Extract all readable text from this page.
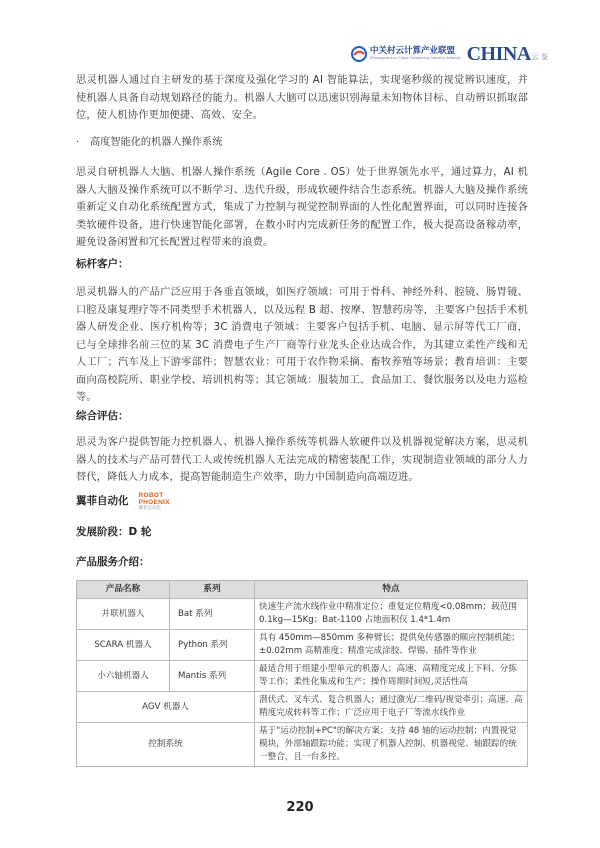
中关村云计算产业联盟
Zhongguancun Cloud Computing Industry Alliance CHINA 云 鉴

思灵机器人通过自主研发的基于深度及强化学习的 AI 智能算法，实现毫秒级的视觉辨识速度，并使机器人具备自动规划路径的能力。机器人大脑可以迅速识别海量未知物体目标、自动辨识抓取部位，使人机协作更加便捷、高效、安全。

·	高度智能化的机器人操作系统

思灵自研机器人大脑、机器人操作系统（Agile Core . OS）处于世界领先水平，通过算力，AI 机器人大脑及操作系统可以不断学习、迭代升级，形成软硬件结合生态系统。机器人大脑及操作系统重新定义自动化系统配置方式，集成了力控制与视觉控制界面的人性化配置界面，可以同时连接各类软硬件设备，进行快速智能化部署，在数小时内完成新任务的配置工作，极大提高设备稼动率，避免设备闲置和冗长配置过程带来的浪费。

标杆客户：

思灵机器人的产品广泛应用于各垂直领域，如医疗领域：可用于骨科、神经外科、腔镜、肠胃镜、口腔及康复理疗等不同类型手术机器人，以及远程 B 超、按摩、智慧药房等，主要客户包括手术机器人研发企业、医疗机构等；3C 消费电子领域：主要客户包括手机、电脑、显示屏等代工厂商，已与全球排名前三位的某 3C 消费电子生产厂商等行业龙头企业达成合作，为其建立柔性产线和无人工厂；汽车及上下游零部件；智慧农业：可用于农作物采摘、畜牧养殖等场景；教育培训：主要面向高校院所、职业学校、培训机构等；其它领域：服装加工、食品加工、餐饮服务以及电力巡检等。

综合评估：

思灵为客户提供智能力控机器人、机器人操作系统等机器人软硬件以及机器视觉解决方案，思灵机器人的技术与产品可替代工人或传统机器人无法完成的精密装配工作，实现制造业领域的部分人力替代，降低人力成本，提高智能制造生产效率，助力中国制造向高端迈进。

翼菲自动化 ROBOT PHOENIX
翼菲自动化
发展阶段：D 轮
产品服务介绍：
产品名称	系列	特点
并联机器人	Bat 系列	快速生产流水线作业中精准定位；重复定位精度<0.08mm；载范围 0.1kg—15Kg；Bat-1100 占地面积仅 1.4*1.4m
SCARA 机器人	Python 系列	具有 450mm—850mm 多种臂长；提供免传感器的顺应控制机能；±0.02mm 高精准度；精准完成涂胶、焊锡、插件等作业
小六轴机器人	Mantis 系列	最适合用于组建小型单元的机器人；高速、高精度完成上下料、分拣等工作；柔性化集成和生产；操作周期时间短,灵活性高
AGV 机器人		潜伏式、叉车式、复合机器人；通过激光/二维码/视觉牵引；高速、高精度完成转料等工作；广泛应用于电子厂等流水线作业
控制系统		基于"运动控制+PC"的解决方案；支持 48 轴的运动控制；内置视觉模块，外部轴跟踪功能；实现了机器人控制、机器视觉、轴跟踪的统一整合，且一台多控。
220
